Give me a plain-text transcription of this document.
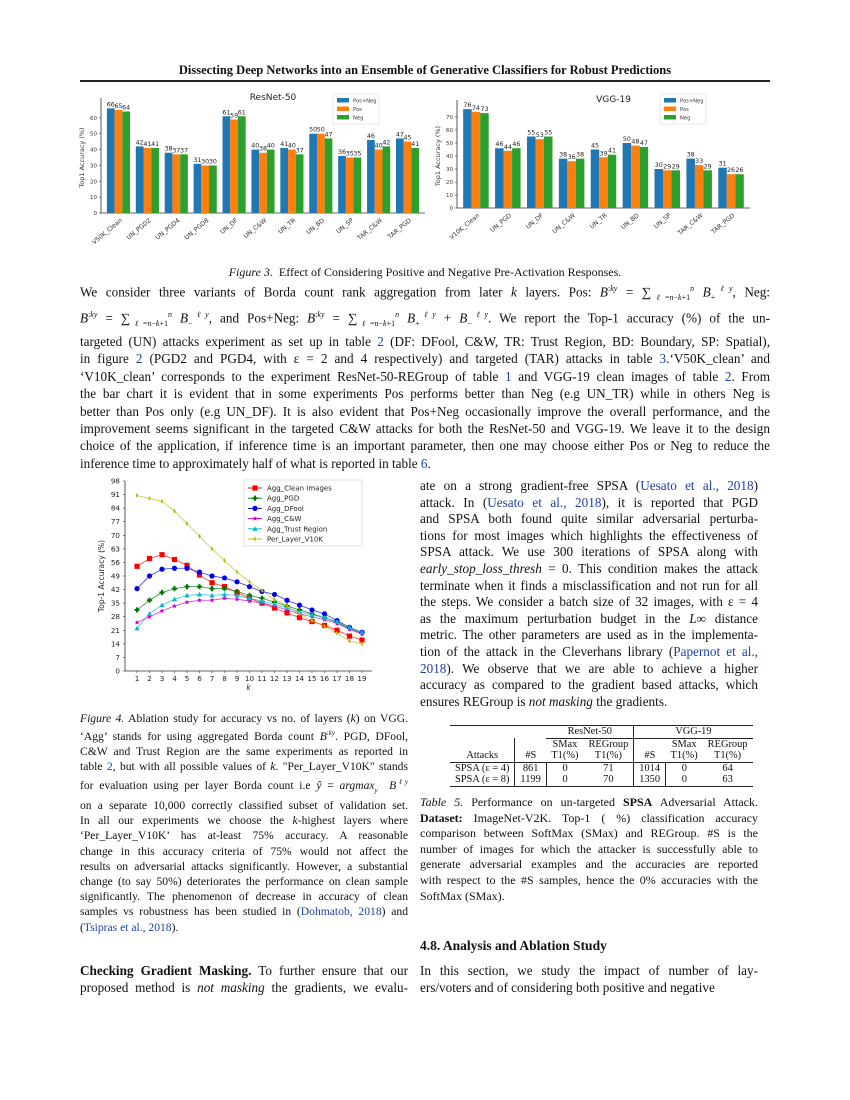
Dissecting Deep Networks into an Ensemble of Generative Classifiers for Robust Predictions
0
10
20
30
40
50
60
Top1 Accuracy (%)
ResNet-50
66 65 64
V50K_Clean
42 41 41
UN_PGD2
38 37 37
UN_PGD4
31 30 30
UN_PGD8
61 59 61
UN_DF
40 38 40
UN_C&W
41 40
37
UN_TR
50 50
47
UN_BD
36 35 35
UN_SP
46
40 42
TAR_C&W
47 45
41
TAR_PGD
Pos+Neg
Pos
Neg
0
10
20
30
40
50
60
70
Top1 Accuracy (%)
VGG-19
76 74 73
V10K_Clean
46 44 46
UN_PGD
55 53 55
UN_DF
38 36 38
UN_C&W
45
39 41
UN_TR
50 48 47
UN_BD
30 29 29
UN_SP
38
33
29
TAR_C&W
31
26 26
TAR_PGD
Pos+Neg
Pos
Neg
Figure 3. Effect of Considering Positive and Negative Pre-Activation Responses.
We consider three variants of Borda count rank aggregation from later k layers. Pos: $B^{:ky} = \sum_{\ell=n-k+1}^n$ $B_+^{\ell y}$, Neg:
$B^{:ky} = \sum_{\ell=n-k+1}^n$ $B_-^{\ell y}$, and Pos+Neg: $B^{:ky} = \sum_{\ell=n-k+1}^n$ $B_+^{\ell y} + B_-^{\ell y}$. We report the Top-1 accuracy (%) of the un-
targeted (UN) attacks experiment as set up in table 2 (DF: DFool, C&W, TR: Trust Region, BD: Boundary, SP: Spatial),
in figure 2 (PGD2 and PGD4, with ε = 2 and 4 respectively) and targeted (TAR) attacks in table 3.‘V50K_clean’ and
‘V10K_clean’ corresponds to the experiment ResNet-50-REGroup of table 1 and VGG-19 clean images of table 2. From
the bar chart it is evident that in some experiments Pos performs better than Neg (e.g UN_TR) while in others Neg is
better than Pos only (e.g UN_DF). It is also evident that Pos+Neg occasionally improve the overall performance, and the
improvement seems significant in the targeted C&W attacks for both the ResNet-50 and VGG-19. We leave it to the design
choice of the application, if inference time is an important parameter, then one may choose either Pos or Neg to reduce the
inference time to approximately half of what is reported in table 6.
0
7
14
21
28
35
42
49
56
63
70
77
84
91
98
1 2 3 4 5 6 7 8 9 10 11 12 13 14 15 16 17 18 19
k
Top-1 Accuracy (%)
Agg_Clean Images
Agg_PGD
Agg_DFool
Agg_C&W
Agg_Trust Region
Per_Layer_V10K
Figure 4. Ablation study for accuracy vs no. of layers (k) on VGG.
‘Agg’ stands for using aggregated Borda count $B^{:ky}$. PGD, DFool,
C&W and Trust Region are the same experiments as reported in
table 2, but with all possible values of k. "Per_Layer_V10K" stands
for evaluation using per layer Borda count i.e ŷ = argmax$_y$ $B^{\ell y}$
on a separate 10,000 correctly classified subset of validation set.
In all our experiments we choose the k-highest layers where
‘Per_Layer_V10K’ has at-least 75% accuracy. A reasonable
change in this accuracy criteria of 75% would not affect the
results on adversarial attacks significantly. However, a substantial
change (to say 50%) deteriorates the performance on clean sample
significantly. The phenomenon of decrease in accuracy of clean
samples vs robustness has been studied in (Dohmatob, 2018) and
(Tsipras et al., 2018).
Checking Gradient Masking. To further ensure that our
proposed method is not masking the gradients, we evalu-
ate on a strong gradient-free SPSA (Uesato et al., 2018)
attack. In (Uesato et al., 2018), it is reported that PGD
and SPSA both found quite similar adversarial perturba-
tions for most images which highlights the effectiveness of
SPSA attack. We use 300 iterations of SPSA along with
early_stop_loss_thresh = 0. This condition makes the attack
terminate when it finds a misclassification and not run for all
the steps. We consider a batch size of 32 images, with ε = 4
as the maximum perturbation budget in the L∞ distance
metric. The other parameters are used as in the implementa-
tion of the attack in the Cleverhans library (Papernot et al.,
2018). We observe that we are able to achieve a higher
accuracy as compared to the gradient based attacks, which
ensures REGroup is not masking the gradients.
		ResNet-50		VGG-19		
		SMax	REGroup		SMax	REGroup
Attacks	#S	T1(%)	T1(%)	#S	T1(%)	T1(%)
SPSA (ε = 4)	861	0	71	1014	0	64
SPSA (ε = 8)	1199	0	70	1350	0	63
Table 5. Performance on un-targeted SPSA Adversarial Attack.
Dataset: ImageNet-V2K. Top-1 ( %) classification accuracy
comparison between SoftMax (SMax) and REGroup. #S is the
number of images for which the attacker is successfully able to
generate adversarial examples and the accuracies are reported
with respect to the #S samples, hence the 0% accuracies with the
SoftMax (SMax).
4.8. Analysis and Ablation Study
In this section, we study the impact of number of lay-
ers/voters and of considering both positive and negative
